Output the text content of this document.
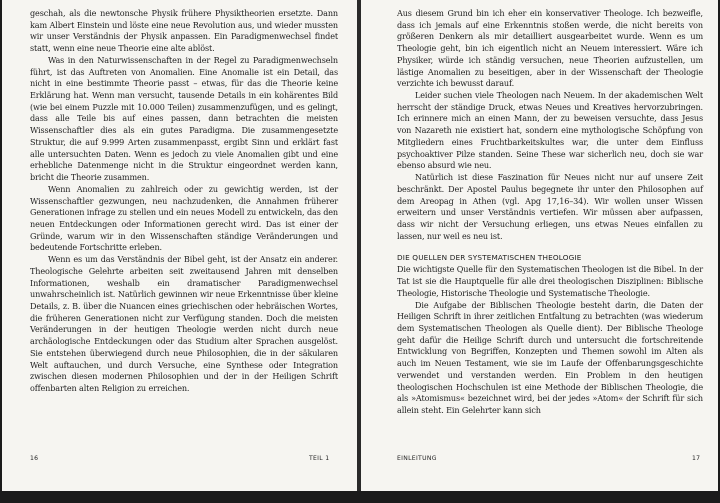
geschah, als die newtonsche Physik frühere Physiktheorien ersetzte. Dann kam Albert Einstein und löste eine neue Revolution aus, und wieder mussten wir unser Verständnis der Physik anpassen. Ein Paradigmenwechsel findet statt, wenn eine neue Theorie eine alte ablöst.

Was in den Naturwissenschaften in der Regel zu Paradigmenwechseln führt, ist das Auftreten von Anomalien. Eine Anomalie ist ein Detail, das nicht in eine bestimmte Theorie passt – etwas, für das die Theorie keine Erklärung hat. Wenn man versucht, tausende Details in ein kohärentes Bild (wie bei einem Puzzle mit 10.000 Teilen) zusammenzufügen, und es gelingt, dass alle Teile bis auf eines passen, dann betrachten die meisten Wissenschaftler dies als ein gutes Paradigma. Die zusammengesetzte Struktur, die auf 9.999 Arten zusammenpasst, ergibt Sinn und erklärt fast alle untersuchten Daten. Wenn es jedoch zu viele Anomalien gibt und eine erhebliche Datenmenge nicht in die Struktur eingeordnet werden kann, bricht die Theorie zusammen.

Wenn Anomalien zu zahlreich oder zu gewichtig werden, ist der Wissenschaftler gezwungen, neu nachzudenken, die Annahmen früherer Generationen infrage zu stellen und ein neues Modell zu entwickeln, das den neuen Entdeckungen oder Informationen gerecht wird. Das ist einer der Gründe, warum wir in den Wissenschaften ständige Veränderungen und bedeutende Fortschritte erleben.

Wenn es um das Verständnis der Bibel geht, ist der Ansatz ein anderer. Theologische Gelehrte arbeiten seit zweitausend Jahren mit denselben Informationen, weshalb ein dramatischer Paradigmenwechsel unwahrscheinlich ist. Natürlich gewinnen wir neue Erkenntnisse über kleine Details, z. B. über die Nuancen eines griechischen oder hebräischen Wortes, die früheren Generationen nicht zur Verfügung standen. Doch die meisten Veränderungen in der heutigen Theologie werden nicht durch neue archäologische Entdeckungen oder das Studium alter Sprachen ausgelöst. Sie entstehen überwiegend durch neue Philosophien, die in der säkularen Welt auftauchen, und durch Versuche, eine Synthese oder Integration zwischen diesen modernen Philosophien und der in der Heiligen Schrift offenbarten alten Religion zu erreichen.

16	TEIL 1

Aus diesem Grund bin ich eher ein konservativer Theologe. Ich bezweifle, dass ich jemals auf eine Erkenntnis stoßen werde, die nicht bereits von größeren Denkern als mir detailliert ausgearbeitet wurde. Wenn es um Theologie geht, bin ich eigentlich nicht an Neuem interessiert. Wäre ich Physiker, würde ich ständig versuchen, neue Theorien aufzustellen, um lästige Anomalien zu beseitigen, aber in der Wissenschaft der Theologie verzichte ich bewusst darauf.

Leider suchen viele Theologen nach Neuem. In der akademischen Welt herrscht der ständige Druck, etwas Neues und Kreatives hervorzubringen. Ich erinnere mich an einen Mann, der zu beweisen versuchte, dass Jesus von Nazareth nie existiert hat, sondern eine mythologische Schöpfung von Mitgliedern eines Fruchtbarkeitskultes war, die unter dem Einfluss psychoaktiver Pilze standen. Seine These war sicherlich neu, doch sie war ebenso absurd wie neu.

Natürlich ist diese Faszination für Neues nicht nur auf unsere Zeit beschränkt. Der Apostel Paulus begegnete ihr unter den Philosophen auf dem Areopag in Athen (vgl. Apg 17,16–34). Wir wollen unser Wissen erweitern und unser Verständnis vertiefen. Wir müssen aber aufpassen, dass wir nicht der Versuchung erliegen, uns etwas Neues einfallen zu lassen, nur weil es neu ist.

DIE QUELLEN DER SYSTEMATISCHEN THEOLOGIE

Die wichtigste Quelle für den Systematischen Theologen ist die Bibel. In der Tat ist sie die Hauptquelle für alle drei theologischen Disziplinen: Biblische Theologie, Historische Theologie und Systematische Theologie.

Die Aufgabe der Biblischen Theologie besteht darin, die Daten der Heiligen Schrift in ihrer zeitlichen Entfaltung zu betrachten (was wiederum dem Systematischen Theologen als Quelle dient). Der Biblische Theologe geht dafür die Heilige Schrift durch und untersucht die fortschreitende Entwicklung von Begriffen, Konzepten und Themen sowohl im Alten als auch im Neuen Testament, wie sie im Laufe der Offenbarungsgeschichte verwendet und verstanden werden. Ein Problem in den heutigen theologischen Hochschulen ist eine Methode der Biblischen Theologie, die als »Atomismus« bezeichnet wird, bei der jedes »Atom« der Schrift für sich allein steht. Ein Gelehrter kann sich

EINLEITUNG	17
